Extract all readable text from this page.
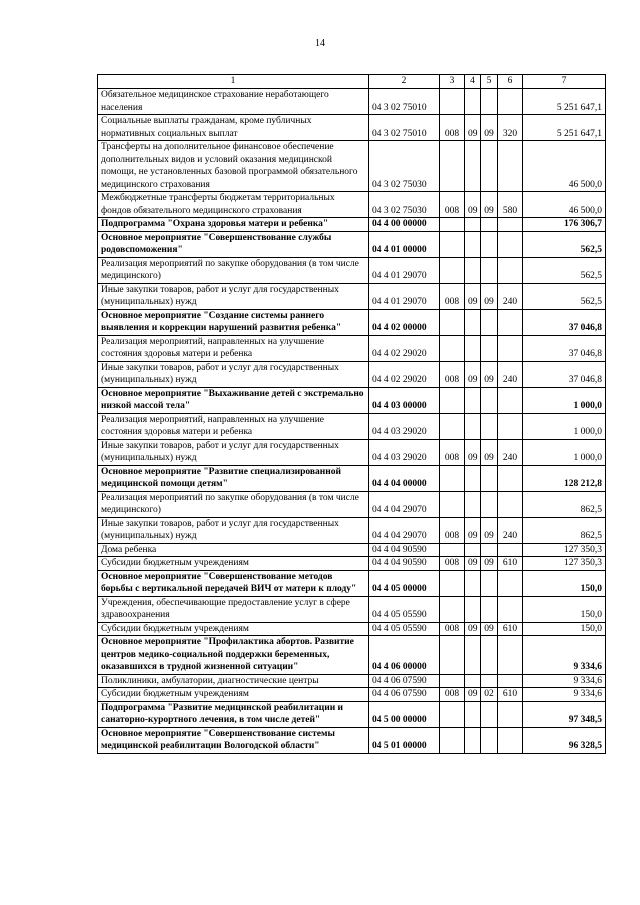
14
1	2	3	4	5	6	7
Обязательное медицинское страхование неработающего населения	04 3 02 75010					5 251 647,1
Социальные выплаты гражданам, кроме публичных нормативных социальных выплат	04 3 02 75010	008	09	09	320	5 251 647,1
Трансферты на дополнительное финансовое обеспечение дополнительных видов и условий оказания медицинской помощи, не установленных базовой программой обязательного медицинского страхования	04 3 02 75030					46 500,0
Межбюджетные трансферты бюджетам территориальных фондов обязательного медицинского страхования	04 3 02 75030	008	09	09	580	46 500,0
Подпрограмма "Охрана здоровья матери и ребенка"	04 4 00 00000					176 306,7
Основное мероприятие "Совершенствование службы родовспоможения"	04 4 01 00000					562,5
Реализация мероприятий по закупке оборудования (в том числе медицинского)	04 4 01 29070					562,5
Иные закупки товаров, работ и услуг для государственных (муниципальных) нужд	04 4 01 29070	008	09	09	240	562,5
Основное мероприятие "Создание системы раннего выявления и коррекции нарушений развития ребенка"	04 4 02 00000					37 046,8
Реализация мероприятий, направленных на улучшение состояния здоровья матери и ребенка	04 4 02 29020					37 046,8
Иные закупки товаров, работ и услуг для государственных (муниципальных) нужд	04 4 02 29020	008	09	09	240	37 046,8
Основное мероприятие "Выхаживание детей с экстремально низкой массой тела"	04 4 03 00000					1 000,0
Реализация мероприятий, направленных на улучшение состояния здоровья матери и ребенка	04 4 03 29020					1 000,0
Иные закупки товаров, работ и услуг для государственных (муниципальных) нужд	04 4 03 29020	008	09	09	240	1 000,0
Основное мероприятие "Развитие специализированной медицинской помощи детям"	04 4 04 00000					128 212,8
Реализация мероприятий по закупке оборудования (в том числе медицинского)	04 4 04 29070					862,5
Иные закупки товаров, работ и услуг для государственных (муниципальных) нужд	04 4 04 29070	008	09	09	240	862,5
Дома ребенка	04 4 04 90590					127 350,3
Субсидии бюджетным учреждениям	04 4 04 90590	008	09	09	610	127 350,3
Основное мероприятие "Совершенствование методов борьбы с вертикальной передачей ВИЧ от матери к плоду"	04 4 05 00000					150,0
Учреждения, обеспечивающие предоставление услуг в сфере здравоохранения	04 4 05 05590					150,0
Субсидии бюджетным учреждениям	04 4 05 05590	008	09	09	610	150,0
Основное мероприятие "Профилактика абортов. Развитие центров медико-социальной поддержки беременных, оказавшихся в трудной жизненной ситуации"	04 4 06 00000					9 334,6
Поликлиники, амбулатории, диагностические центры	04 4 06 07590					9 334,6
Субсидии бюджетным учреждениям	04 4 06 07590	008	09	02	610	9 334,6
Подпрограмма "Развитие медицинской реабилитации и санаторно-курортного лечения, в том числе детей"	04 5 00 00000					97 348,5
Основное мероприятие "Совершенствование системы медицинской реабилитации Вологодской области"	04 5 01 00000					96 328,5
